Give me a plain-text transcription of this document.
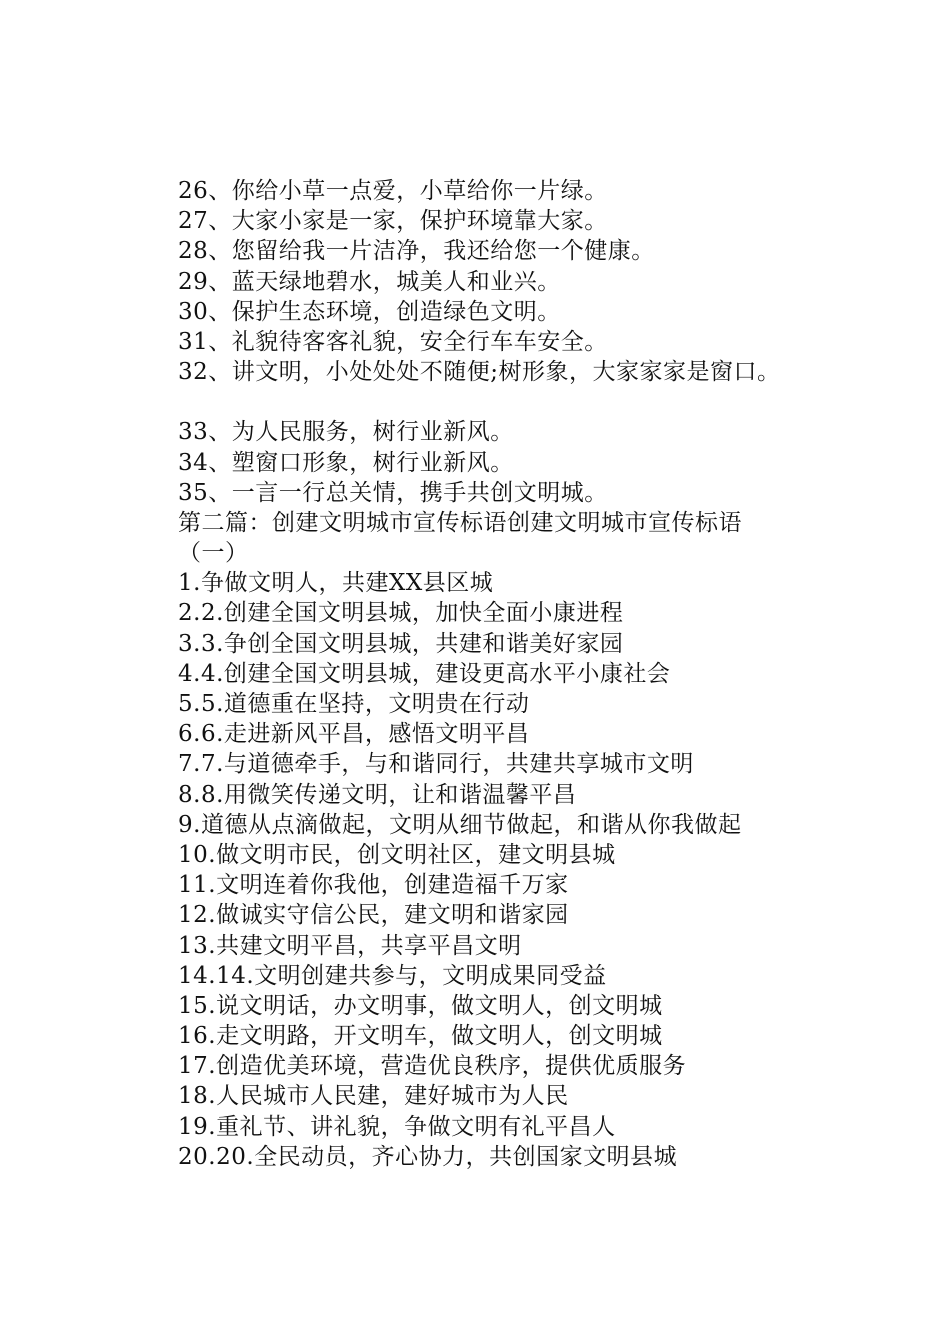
26、你给小草一点爱，小草给你一片绿。
27、大家小家是一家，保护环境靠大家。
28、您留给我一片洁净，我还给您一个健康。
29、蓝天绿地碧水，城美人和业兴。
30、保护生态环境，创造绿色文明。
31、礼貌待客客礼貌，安全行车车安全。
32、讲文明，小处处处不随便;树形象，大家家家是窗口。
33、为人民服务，树行业新风。
34、塑窗口形象，树行业新风。
35、一言一行总关情，携手共创文明城。
第二篇：创建文明城市宣传标语创建文明城市宣传标语
（一）
1.争做文明人，共建XX县区城
2.2.创建全国文明县城，加快全面小康进程
3.3.争创全国文明县城，共建和谐美好家园
4.4.创建全国文明县城，建设更高水平小康社会
5.5.道德重在坚持，文明贵在行动
6.6.走进新风平昌，感悟文明平昌
7.7.与道德牵手，与和谐同行，共建共享城市文明
8.8.用微笑传递文明，让和谐温馨平昌
9.道德从点滴做起，文明从细节做起，和谐从你我做起
10.做文明市民，创文明社区，建文明县城
11.文明连着你我他，创建造福千万家
12.做诚实守信公民，建文明和谐家园
13.共建文明平昌，共享平昌文明
14.14.文明创建共参与，文明成果同受益
15.说文明话，办文明事，做文明人，创文明城
16.走文明路，开文明车，做文明人，创文明城
17.创造优美环境，营造优良秩序，提供优质服务
18.人民城市人民建，建好城市为人民
19.重礼节、讲礼貌，争做文明有礼平昌人
20.20.全民动员，齐心协力，共创国家文明县城
